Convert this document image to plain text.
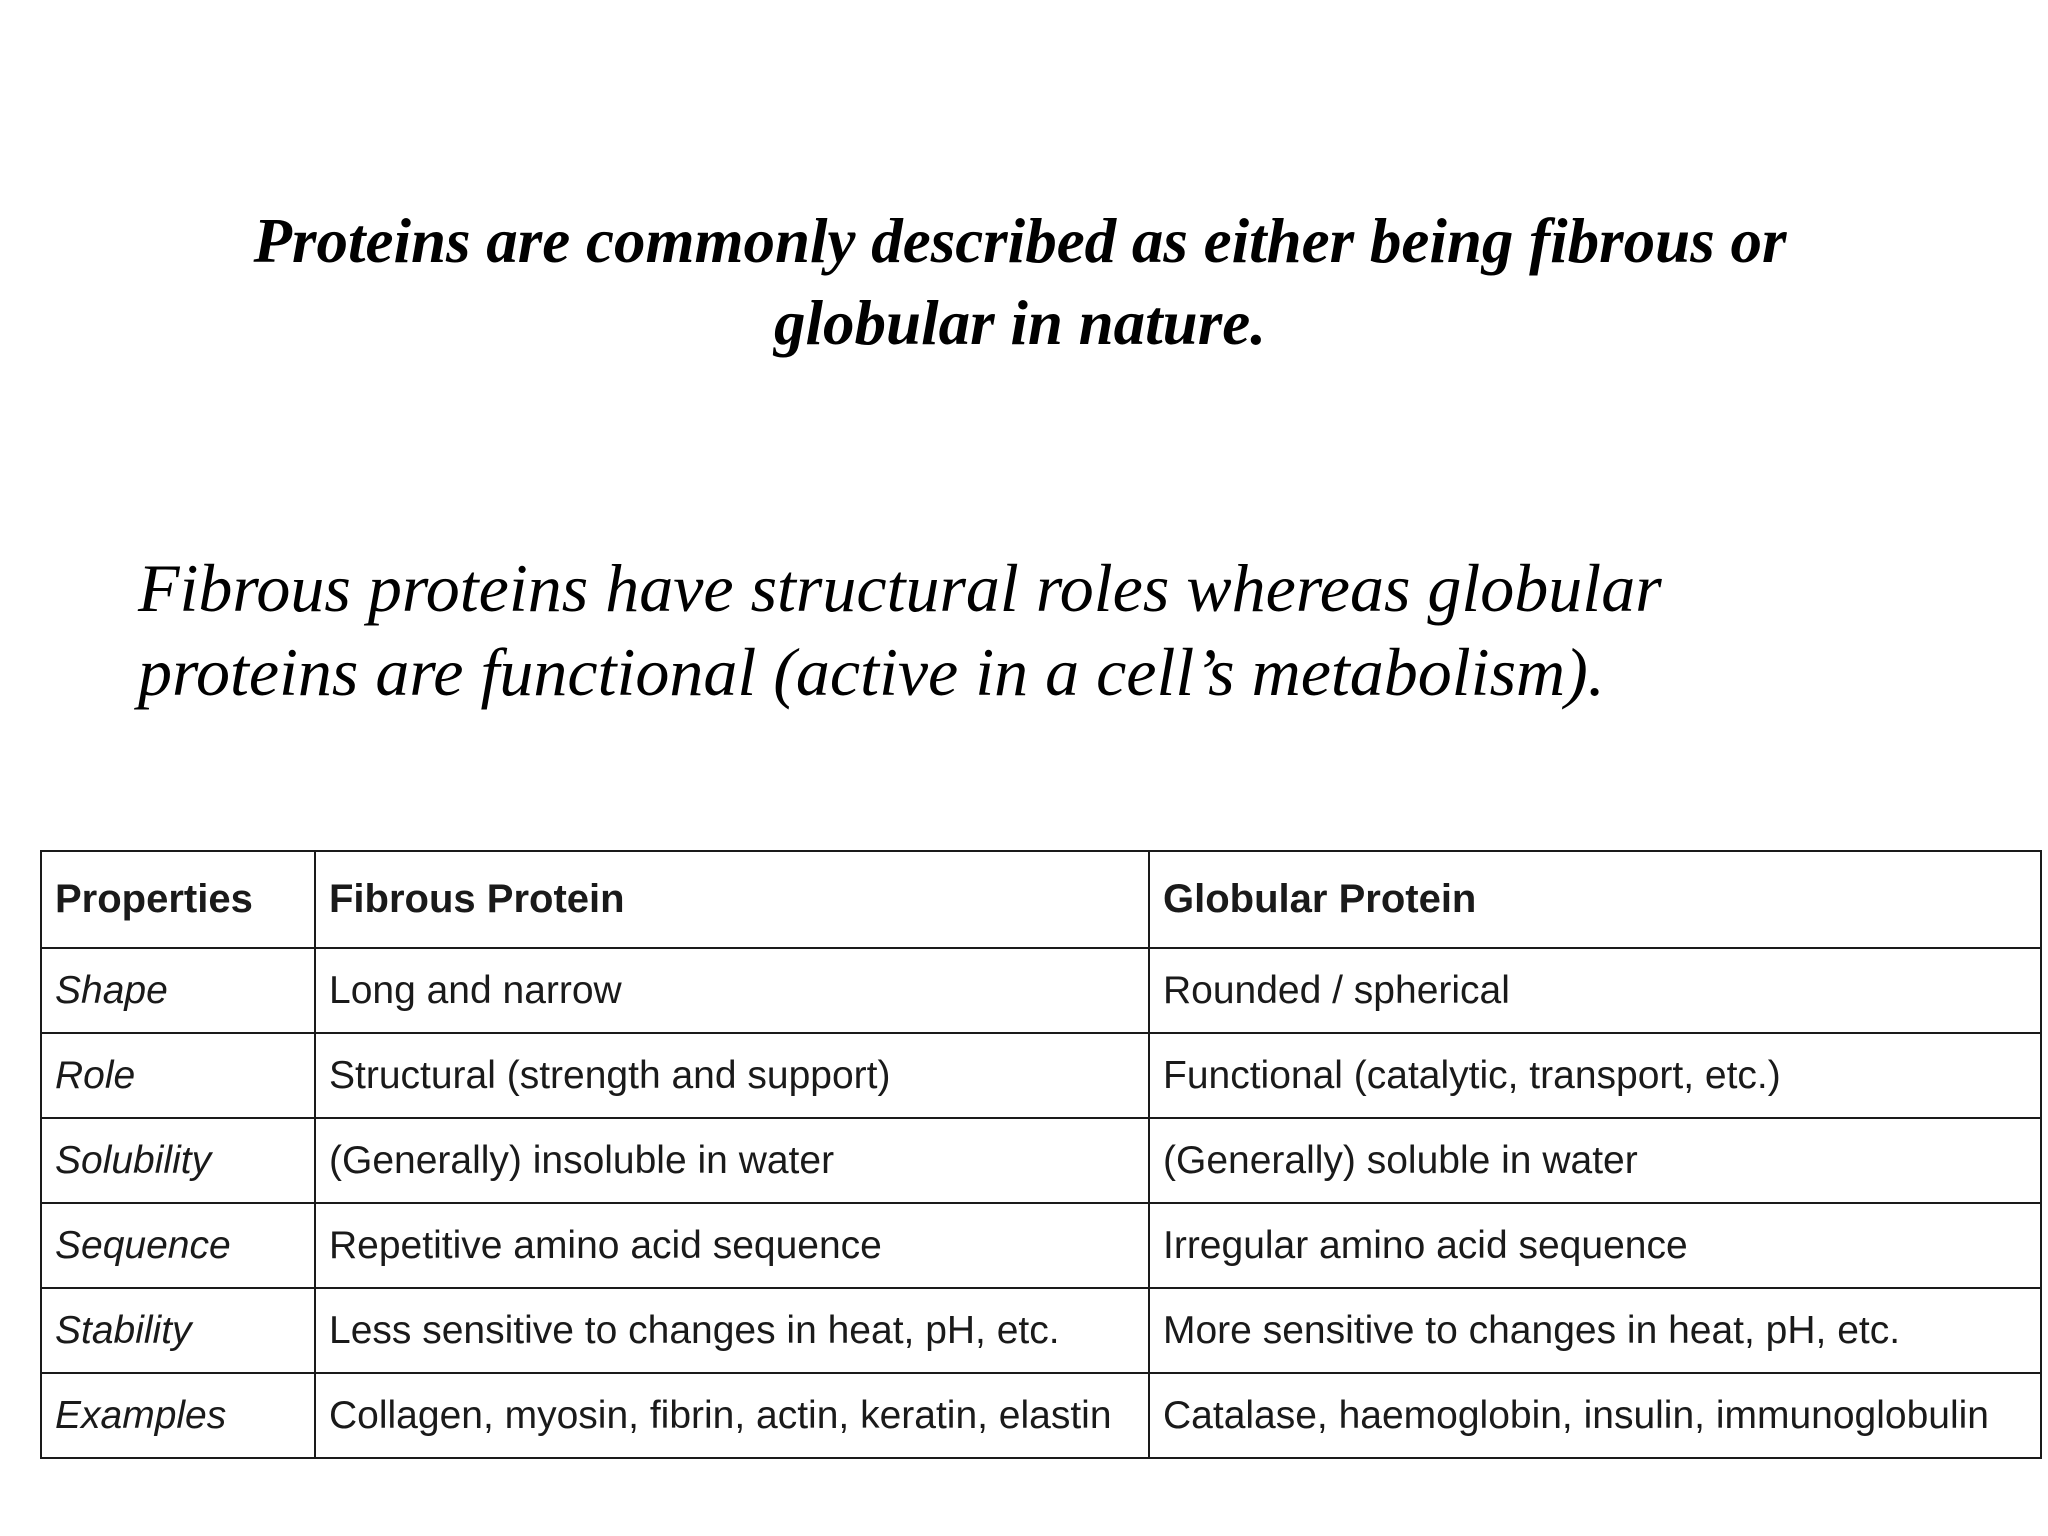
Proteins are commonly described as either being fibrous or globular in nature.

Fibrous proteins have structural roles whereas globular proteins are functional (active in a cell’s metabolism).

Properties	Fibrous Protein	Globular Protein
Shape	Long and narrow	Rounded / spherical
Role	Structural (strength and support)	Functional (catalytic, transport, etc.)
Solubility	(Generally) insoluble in water	(Generally) soluble in water
Sequence	Repetitive amino acid sequence	Irregular amino acid sequence
Stability	Less sensitive to changes in heat, pH, etc.	More sensitive to changes in heat, pH, etc.
Examples	Collagen, myosin, fibrin, actin, keratin, elastin	Catalase, haemoglobin, insulin, immunoglobulin
